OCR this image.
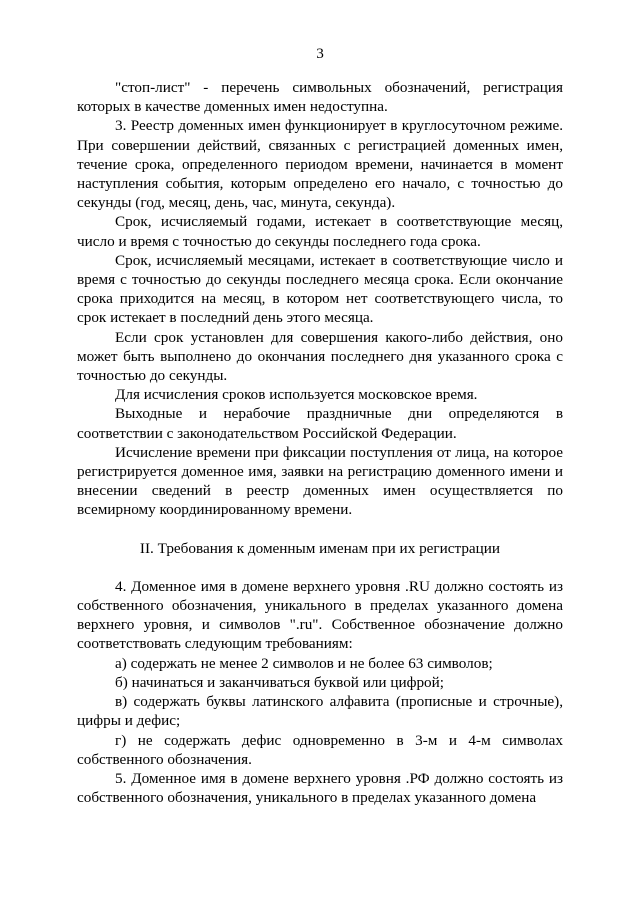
3

"стоп-лист" - перечень символьных обозначений, регистрация которых в качестве доменных имен недоступна.

3. Реестр доменных имен функционирует в круглосуточном режиме. При совершении действий, связанных с регистрацией доменных имен, течение срока, определенного периодом времени, начинается в момент наступления события, которым определено его начало, с точностью до секунды (год, месяц, день, час, минута, секунда).

Срок, исчисляемый годами, истекает в соответствующие месяц, число и время с точностью до секунды последнего года срока.

Срок, исчисляемый месяцами, истекает в соответствующие число и время с точностью до секунды последнего месяца срока. Если окончание срока приходится на месяц, в котором нет соответствующего числа, то срок истекает в последний день этого месяца.

Если срок установлен для совершения какого-либо действия, оно может быть выполнено до окончания последнего дня указанного срока с точностью до секунды.

Для исчисления сроков используется московское время.

Выходные и нерабочие праздничные дни определяются в соответствии с законодательством Российской Федерации.

Исчисление времени при фиксации поступления от лица, на которое регистрируется доменное имя, заявки на регистрацию доменного имени и внесении сведений в реестр доменных имен осуществляется по всемирному координированному времени.

II. Требования к доменным именам при их регистрации

4. Доменное имя в домене верхнего уровня .RU должно состоять из собственного обозначения, уникального в пределах указанного домена верхнего уровня, и символов ".ru". Собственное обозначение должно соответствовать следующим требованиям:

а) содержать не менее 2 символов и не более 63 символов;

б) начинаться и заканчиваться буквой или цифрой;

в) содержать буквы латинского алфавита (прописные и строчные), цифры и дефис;

г) не содержать дефис одновременно в 3-м и 4-м символах собственного обозначения.

5. Доменное имя в домене верхнего уровня .РФ должно состоять из собственного обозначения, уникального в пределах указанного домена
